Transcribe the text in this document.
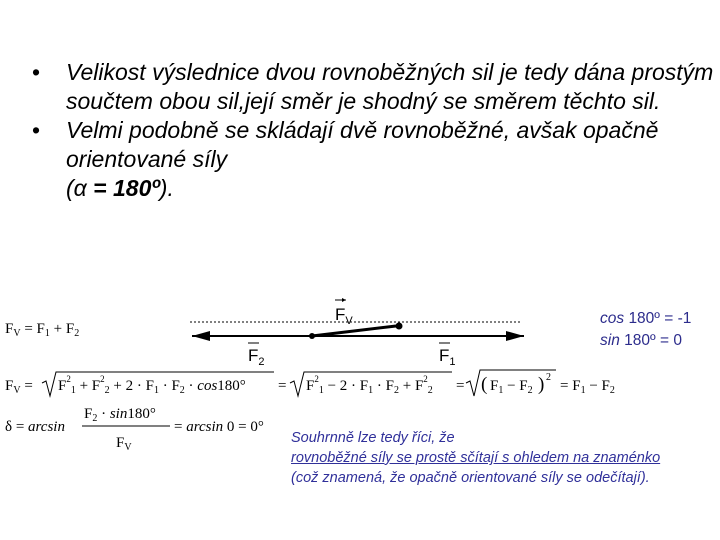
• Velikost výslednice dvou rovnoběžných sil je tedy dána prostým součtem obou sil,její směr je shodný se směrem těchto sil.
• Velmi podobně se skládají dvě rovnoběžné, avšak opačně orientované síly
(α = 180º).
$F_V$
$F_2$	$F_1$
$F_V = F_1 + F_2$
$F_V = F^2_1 + F^2_2 + 2 \cdot F_1 \cdot F_2 \cdot \cos 180^\circ = F^2_1 - 2 \cdot F_1 \cdot F_2 + F^2_2$ = ( $F_1 - F_2$ ) 2
= $F_1 - F_2$
δ = arcsin
$F_2 \cdot \sin 180^\circ$
$F_V$
= arcsin 0 = 0°
cos 180º = -1
sin 180º = 0
Souhrnně lze tedy říci, že
rovnoběžné síly se prostě sčítají s ohledem na znaménko
(což znamená, že opačně orientované síly se odečítají).
